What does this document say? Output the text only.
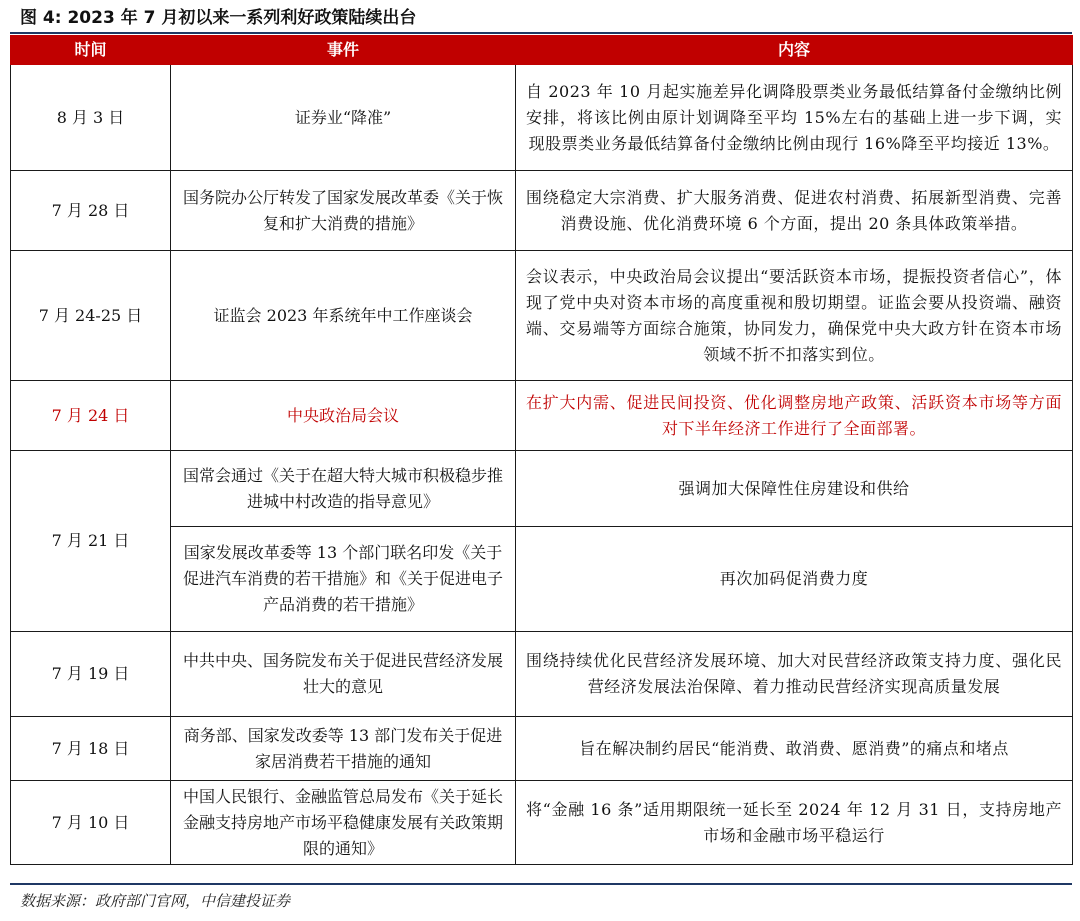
图 4: 2023 年 7 月初以来一系列利好政策陆续出台
时间	事件	内容
8 月 3 日	证券业“降准”	自 2023 年 10 月起实施差异化调降股票类业务最低结算备付金缴纳比例安排，将该比例由原计划调降至平均 15%左右的基础上进一步下调，实现股票类业务最低结算备付金缴纳比例由现行 16%降至平均接近 13%。
7 月 28 日	国务院办公厅转发了国家发展改革委《关于恢复和扩大消费的措施》	围绕稳定大宗消费、扩大服务消费、促进农村消费、拓展新型消费、完善消费设施、优化消费环境 6 个方面，提出 20 条具体政策举措。
7 月 24-25 日	证监会 2023 年系统年中工作座谈会	会议表示，中央政治局会议提出“要活跃资本市场，提振投资者信心”，体现了党中央对资本市场的高度重视和殷切期望。证监会要从投资端、融资端、交易端等方面综合施策，协同发力，确保党中央大政方针在资本市场领域不折不扣落实到位。
7 月 24 日	中央政治局会议	在扩大内需、促进民间投资、优化调整房地产政策、活跃资本市场等方面对下半年经济工作进行了全面部署。
7 月 21 日	国常会通过《关于在超大特大城市积极稳步推进城中村改造的指导意见》	强调加大保障性住房建设和供给
	国家发展改革委等 13 个部门联名印发《关于促进汽车消费的若干措施》和《关于促进电子产品消费的若干措施》	再次加码促消费力度
7 月 19 日	中共中央、国务院发布关于促进民营经济发展壮大的意见	围绕持续优化民营经济发展环境、加大对民营经济政策支持力度、强化民营经济发展法治保障、着力推动民营经济实现高质量发展
7 月 18 日	商务部、国家发改委等 13 部门发布关于促进家居消费若干措施的通知	旨在解决制约居民“能消费、敢消费、愿消费”的痛点和堵点
7 月 10 日	中国人民银行、金融监管总局发布《关于延长金融支持房地产市场平稳健康发展有关政策期限的通知》	将“金融 16 条”适用期限统一延长至 2024 年 12 月 31 日，支持房地产市场和金融市场平稳运行
数据来源：政府部门官网，中信建投证券
